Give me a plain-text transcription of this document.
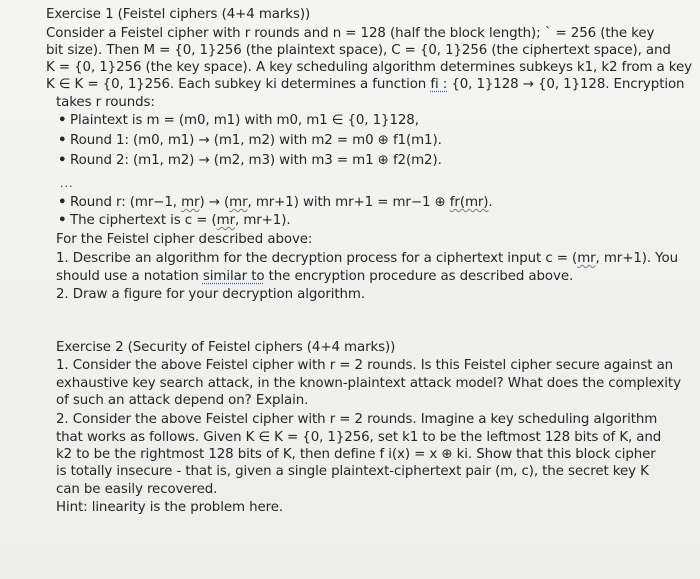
Exercise 1 (Feistel ciphers (4+4 marks))
Consider a Feistel cipher with r rounds and n = 128 (half the block length); ` = 256 (the key
bit size). Then M = {0, 1}256 (the plaintext space), C = {0, 1}256 (the ciphertext space), and
K = {0, 1}256 (the key space). A key scheduling algorithm determines subkeys k1, k2 from a key
K ∈ K = {0, 1}256. Each subkey ki determines a function fi : {0, 1}128 → {0, 1}128. Encryption
takes r rounds:
• Plaintext is m = (m0, m1) with m0, m1 ∈ {0, 1}128,
• Round 1: (m0, m1) → (m1, m2) with m2 = m0 ⊕ f1(m1).
• Round 2: (m1, m2) → (m2, m3) with m3 = m1 ⊕ f2(m2).
...
• Round r: (mr−1, mr) → (mr, mr+1) with mr+1 = mr−1 ⊕ fr(mr).
• The ciphertext is c = (mr, mr+1).
For the Feistel cipher described above:
1. Describe an algorithm for the decryption process for a ciphertext input c = (mr, mr+1). You
should use a notation similar to the encryption procedure as described above.
2. Draw a figure for your decryption algorithm.
Exercise 2 (Security of Feistel ciphers (4+4 marks))
1. Consider the above Feistel cipher with r = 2 rounds. Is this Feistel cipher secure against an
exhaustive key search attack, in the known-plaintext attack model? What does the complexity
of such an attack depend on? Explain.
2. Consider the above Feistel cipher with r = 2 rounds. Imagine a key scheduling algorithm
that works as follows. Given K ∈ K = {0, 1}256, set k1 to be the leftmost 128 bits of K, and
k2 to be the rightmost 128 bits of K, then define f i(x) = x ⊕ ki. Show that this block cipher
is totally insecure - that is, given a single plaintext-ciphertext pair (m, c), the secret key K
can be easily recovered.
Hint: linearity is the problem here.
